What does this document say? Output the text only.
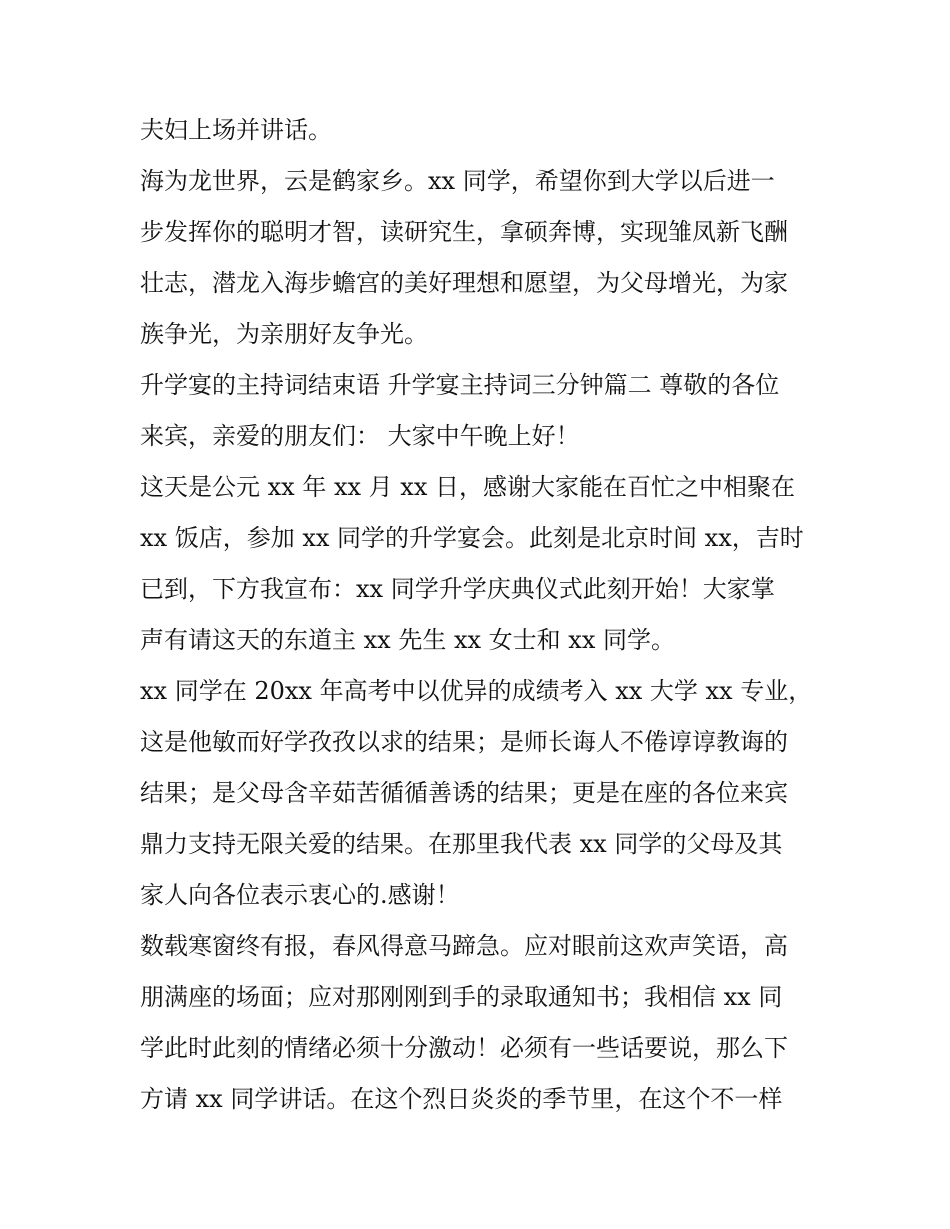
夫妇上场并讲话。
海为龙世界，云是鹤家乡。xx 同学，希望你到大学以后进一
步发挥你的聪明才智，读研究生，拿硕奔博，实现雏凤新飞酬
壮志，潜龙入海步蟾宫的美好理想和愿望，为父母增光，为家
族争光，为亲朋好友争光。
升学宴的主持词结束语 升学宴主持词三分钟篇二 尊敬的各位
来宾，亲爱的朋友们： 大家中午晚上好！
这天是公元 xx 年 xx 月 xx 日，感谢大家能在百忙之中相聚在
xx 饭店，参加 xx 同学的升学宴会。此刻是北京时间 xx，吉时
已到，下方我宣布：xx 同学升学庆典仪式此刻开始！大家掌
声有请这天的东道主 xx 先生 xx 女士和 xx 同学。
xx 同学在 20xx 年高考中以优异的成绩考入 xx 大学 xx 专业，
这是他敏而好学孜孜以求的结果；是师长诲人不倦谆谆教诲的
结果；是父母含辛茹苦循循善诱的结果；更是在座的各位来宾
鼎力支持无限关爱的结果。在那里我代表 xx 同学的父母及其
家人向各位表示衷心的.感谢！
数载寒窗终有报，春风得意马蹄急。应对眼前这欢声笑语，高
朋满座的场面；应对那刚刚到手的录取通知书；我相信 xx 同
学此时此刻的情绪必须十分激动！必须有一些话要说，那么下
方请 xx 同学讲话。在这个烈日炎炎的季节里，在这个不一样
